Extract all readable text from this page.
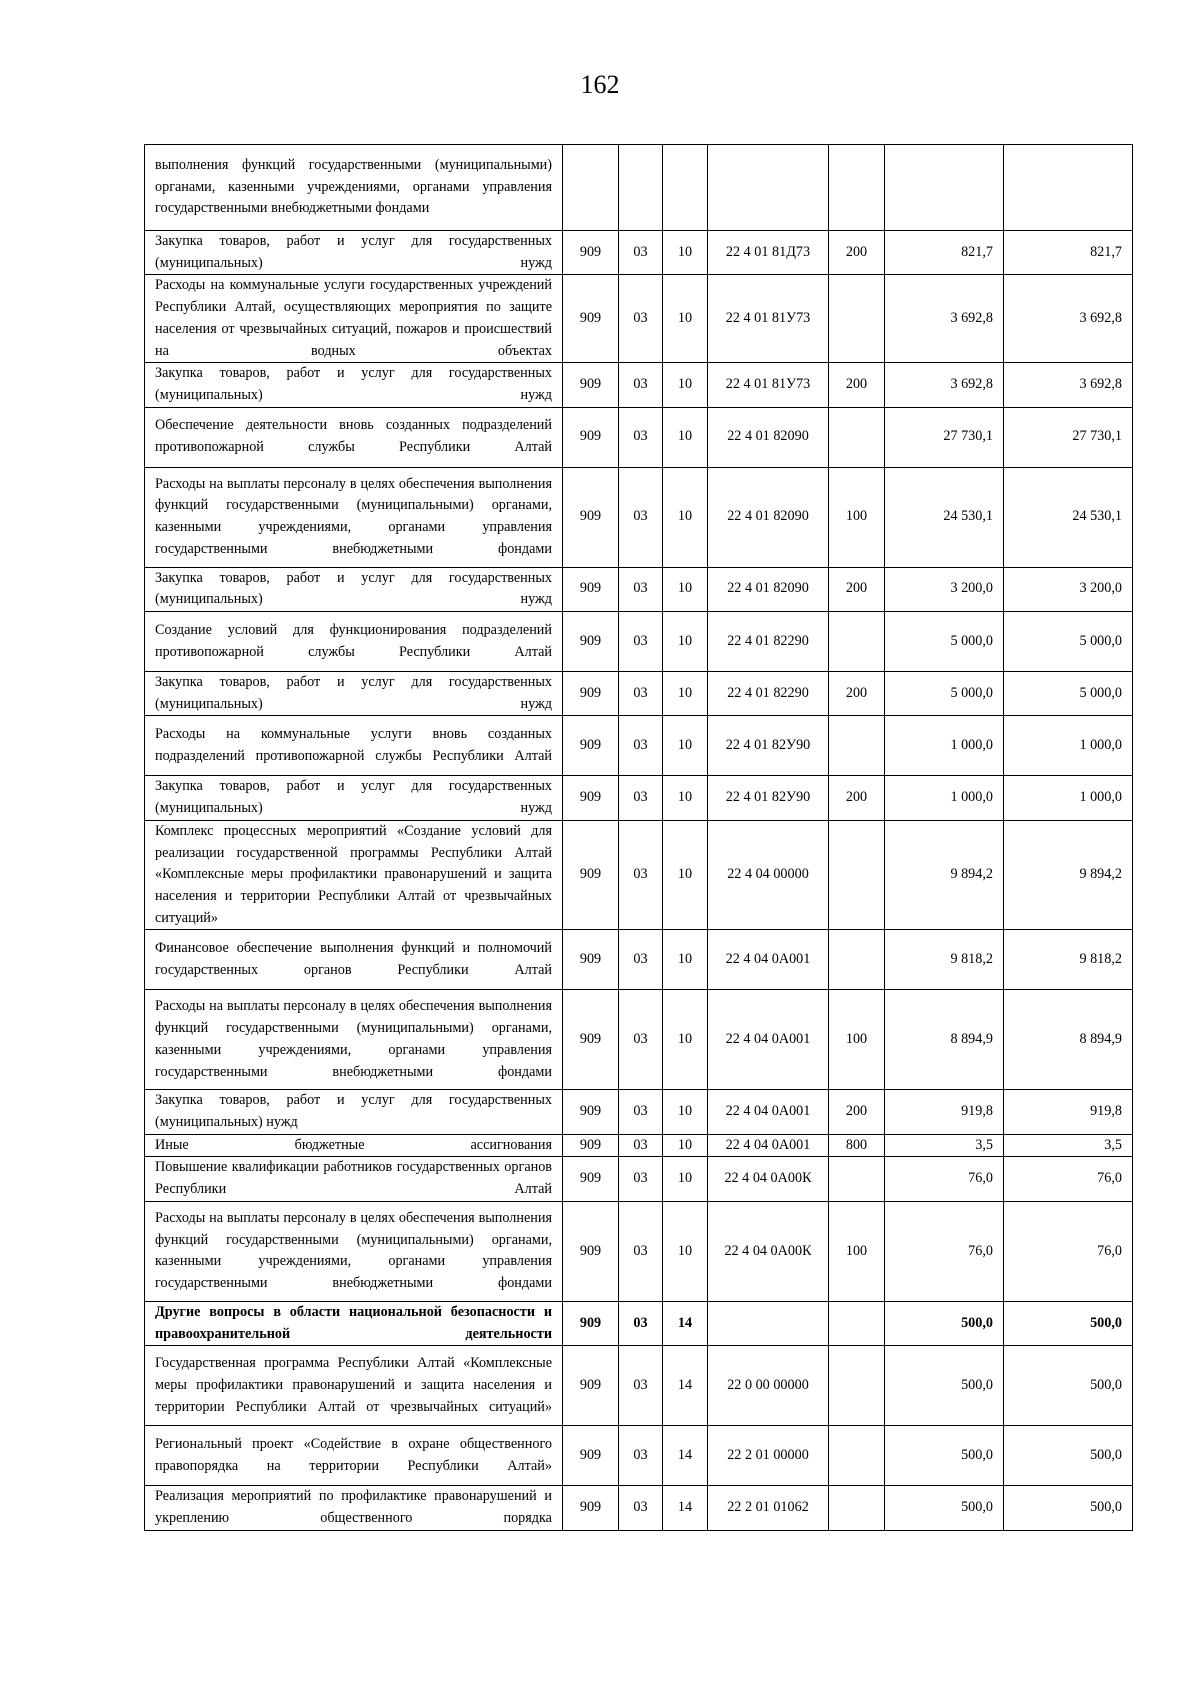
162
выполнения функций государственными (муниципальными) органами, казенными учреждениями, органами управления государственными внебюджетными фондами							
Закупка товаров, работ и услуг для государственных (муниципальных) нужд	909	03	10	22 4 01 81Д73	200	821,7	821,7
Расходы на коммунальные услуги государственных учреждений Республики Алтай, осуществляющих мероприятия по защите населения от чрезвычайных ситуаций, пожаров и происшествий на водных объектах	909	03	10	22 4 01 81У73		3 692,8	3 692,8
Закупка товаров, работ и услуг для государственных (муниципальных) нужд	909	03	10	22 4 01 81У73	200	3 692,8	3 692,8
Обеспечение деятельности вновь созданных подразделений противопожарной службы Республики Алтай	909	03	10	22 4 01 82090		27 730,1	27 730,1
Расходы на выплаты персоналу в целях обеспечения выполнения функций государственными (муниципальными) органами, казенными учреждениями, органами управления государственными внебюджетными фондами	909	03	10	22 4 01 82090	100	24 530,1	24 530,1
Закупка товаров, работ и услуг для государственных (муниципальных) нужд	909	03	10	22 4 01 82090	200	3 200,0	3 200,0
Создание условий для функционирования подразделений противопожарной службы Республики Алтай	909	03	10	22 4 01 82290		5 000,0	5 000,0
Закупка товаров, работ и услуг для государственных (муниципальных) нужд	909	03	10	22 4 01 82290	200	5 000,0	5 000,0
Расходы на коммунальные услуги вновь созданных подразделений противопожарной службы Республики Алтай	909	03	10	22 4 01 82У90		1 000,0	1 000,0
Закупка товаров, работ и услуг для государственных (муниципальных) нужд	909	03	10	22 4 01 82У90	200	1 000,0	1 000,0
Комплекс процессных мероприятий «Создание условий для реализации государственной программы Республики Алтай «Комплексные меры профилактики правонарушений и защита населения и территории Республики Алтай от чрезвычайных ситуаций»	909	03	10	22 4 04 00000		9 894,2	9 894,2
Финансовое обеспечение выполнения функций и полномочий государственных органов Республики Алтай	909	03	10	22 4 04 0А001		9 818,2	9 818,2
Расходы на выплаты персоналу в целях обеспечения выполнения функций государственными (муниципальными) органами, казенными учреждениями, органами управления государственными внебюджетными фондами	909	03	10	22 4 04 0А001	100	8 894,9	8 894,9
Закупка товаров, работ и услуг для государственных (муниципальных) нужд	909	03	10	22 4 04 0А001	200	919,8	919,8
Иные бюджетные ассигнования	909	03	10	22 4 04 0А001	800	3,5	3,5
Повышение квалификации работников государственных органов Республики Алтай	909	03	10	22 4 04 0А00К		76,0	76,0
Расходы на выплаты персоналу в целях обеспечения выполнения функций государственными (муниципальными) органами, казенными учреждениями, органами управления государственными внебюджетными фондами	909	03	10	22 4 04 0А00К	100	76,0	76,0
Другие вопросы в области национальной безопасности и правоохранительной деятельности	909	03	14			500,0	500,0
Государственная программа Республики Алтай «Комплексные меры профилактики правонарушений и защита населения и территории Республики Алтай от чрезвычайных ситуаций»	909	03	14	22 0 00 00000		500,0	500,0
Региональный проект «Содействие в охране общественного правопорядка на территории Республики Алтай»	909	03	14	22 2 01 00000		500,0	500,0
Реализация мероприятий по профилактике правонарушений и укреплению общественного порядка	909	03	14	22 2 01 01062		500,0	500,0
